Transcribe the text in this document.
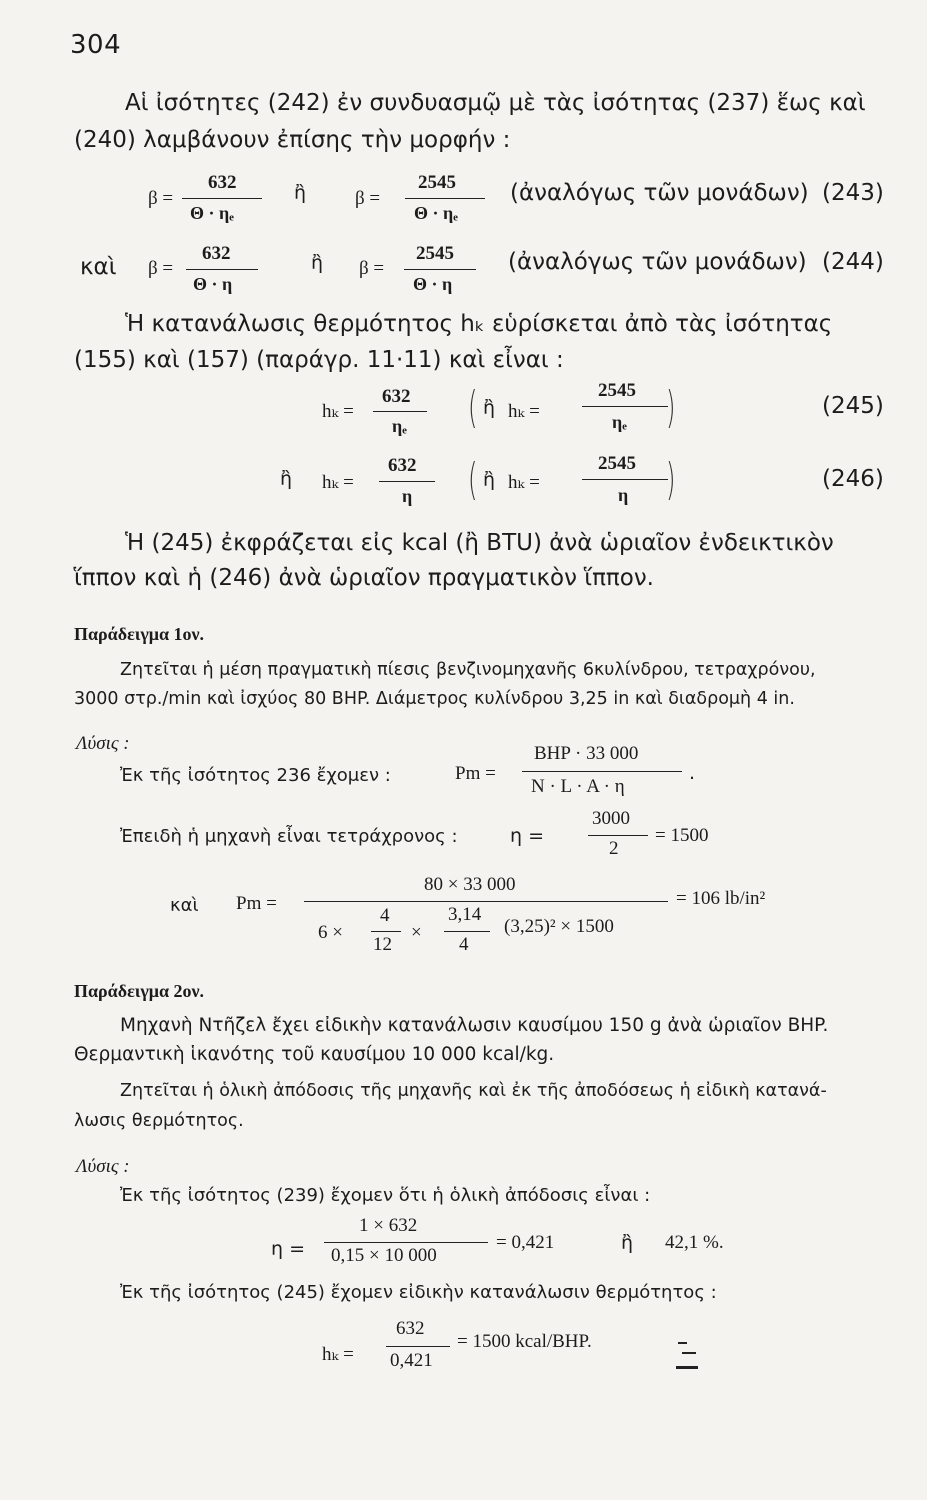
304
Αἱ ἰσότητες (242) ἐν συνδυασμῷ μὲ τὰς ἰσότητας (237) ἕως καὶ
(240) λαμβάνουν ἐπίσης τὴν μορφήν :
β =
632
Θ · ηₑ
ἢ	β =
2545
Θ · ηₑ
(ἀναλόγως τῶν μονάδων) (243)
καὶ β =
632
Θ · η
ἢ β =
2545
Θ · η
(ἀναλόγως τῶν μονάδων) (244)
Ἡ κατανάλωσις θερμότητος hₖ εὑρίσκεται ἀπὸ τὰς ἰσότητας
(155) καὶ (157) (παράγρ. 11·11) καὶ εἶναι :
hₖ =
632
ηₑ ( ἢ hₖ =
2545
ηₑ )	(245)
ἢ hₖ =
632
η ( ἢ hₖ =
2545
η )	(246)
Ἡ (245) ἐκφράζεται εἰς kcal (ἢ BTU) ἀνὰ ὡριαῖον ἐνδεικτικὸν
ἵππον καὶ ἡ (246) ἀνὰ ὡριαῖον πραγματικὸν ἵππον.
Παράδειγμα 1ον.
Ζητεῖται ἡ μέση πραγματικὴ πίεσις βενζινομηχανῆς 6κυλίνδρου, τετραχρόνου,
3000 στρ./min καὶ ἰσχύος 80 BHP. Διάμετρος κυλίνδρου 3,25 in καὶ διαδρομὴ 4 in.
Λύσις :
Ἐκ τῆς ἰσότητος 236 ἔχομεν :	Pm =
BHP · 33 000
N · L · A · η
.
Ἐπειδὴ ἡ μηχανὴ εἶναι τετράχρονος :	η =
3000
2
= 1500
καὶ Pm =
80 × 33 000
= 106 lb/in²
6 ×
4
12
×
3,14
4
(3,25)² × 1500
Παράδειγμα 2ον.
Μηχανὴ Ντῆζελ ἔχει εἰδικὴν κατανάλωσιν καυσίμου 150 g ἀνὰ ὡριαῖον BHP.
Θερμαντικὴ ἱκανότης τοῦ καυσίμου 10 000 kcal/kg.
Ζητεῖται ἡ ὁλικὴ ἀπόδοσις τῆς μηχανῆς καὶ ἐκ τῆς ἀποδόσεως ἡ εἰδικὴ κατανά-
λωσις θερμότητος.
Λύσις :
Ἐκ τῆς ἰσότητος (239) ἔχομεν ὅτι ἡ ὁλικὴ ἀπόδοσις εἶναι :
η =
1 × 632
0,15 × 10 000
= 0,421	ἢ 42,1 %.
Ἐκ τῆς ἰσότητος (245) ἔχομεν εἰδικὴν κατανάλωσιν θερμότητος :
hₖ =
632
0,421
= 1500 kcal/BHP.
